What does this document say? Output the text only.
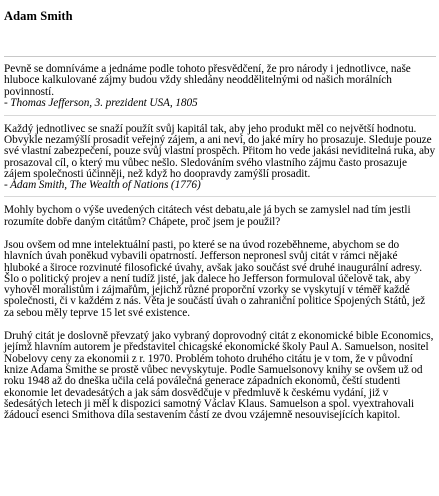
Adam Smith

Pevně se domníváme a jednáme podle tohoto přesvědčení, že pro národy i jednotlivce, naše hluboce kalkulované zájmy budou vždy shledány neoddělitelnými od našich morálních povinností.
- Thomas Jefferson, 3. prezident USA, 1805

Každý jednotlivec se snaží použít svůj kapitál tak, aby jeho produkt měl co největší hodnotu. Obvykle nezamýšlí prosadit veřejný zájem, a ani neví, do jaké míry ho prosazuje. Sleduje pouze své vlastní zabezpečení, pouze svůj vlastní prospěch. Přitom ho vede jakási neviditelná ruka, aby prosazoval cíl, o který mu vůbec nešlo. Sledováním svého vlastního zájmu často prosazuje zájem společnosti účinněji, než když ho doopravdy zamýšlí prosadit.
- Adam Smith, The Wealth of Nations (1776)

Mohly bychom o výše uvedených citátech vést debatu,ale já bych se zamyslel nad tím jestli rozumíte dobře daným citátům? Chápete, proč jsem je použil?

Jsou ovšem od mne intelektuální pasti, po které se na úvod rozeběhneme, abychom se do hlavních úvah poněkud vybavili opatrností. Jefferson nepronesl svůj citát v rámci nějaké hluboké a široce rozvinuté filosofické úvahy, avšak jako součást své druhé inaugurální adresy. Šlo o politický projev a není tudíž jisté, jak dalece ho Jefferson formuloval účelově tak, aby vyhověl moralistům i zájmařům, jejichž různé proporční vzorky se vyskytují v téměř každé společnosti, či v každém z nás. Věta je součástí úvah o zahraniční politice Spojených Států, jež za sebou měly teprve 15 let své existence.

Druhý citát je doslovně převzatý jako vybraný doprovodný citát z ekonomické bible Economics, jejímž hlavním autorem je představitel chicagské ekonomické školy Paul A. Samuelson, nositel Nobelovy ceny za ekonomii z r. 1970. Problém tohoto druhého citátu je v tom, že v původní knize Adama Smithe se prostě vůbec nevyskytuje. Podle Samuelsonovy knihy se ovšem už od roku 1948 až do dneška učila celá poválečná generace západních ekonomů, čeští studenti ekonomie let devadesátých a jak sám dosvědčuje v předmluvě k českému vydání, již v šedesátých letech ji měl k dispozici samotný Václav Klaus. Samuelson a spol. vyextrahovali žádoucí esenci Smithova díla sestavením částí ze dvou vzájemně nesouvisejících kapitol.
